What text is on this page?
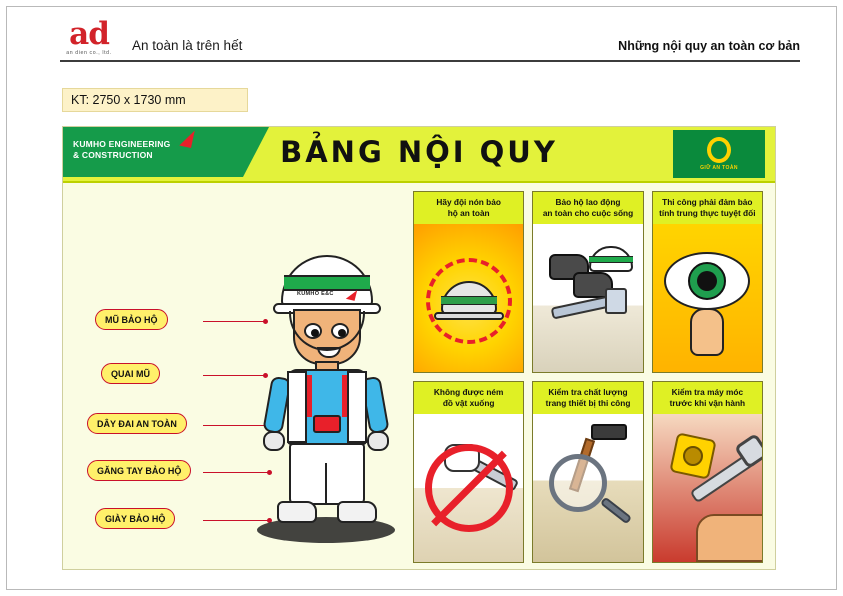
ad
an dien co., ltd.	An toàn là trên hết	Những nội quy an toàn cơ bản
KT: 2750 x 1730 mm
KUMHO ENGINEERING
& CONSTRUCTION	BẢNG NỘI QUY	GIỮ AN TOÀN
MŨ BẢO HỘ
QUAI MŨ
DÂY ĐAI AN TOÀN
GĂNG TAY BẢO HỘ
GIÀY BẢO HỘ
KUMHO E&C
Hãy đội nón bảo
hộ an toàn
Bảo hộ lao động
an toàn cho cuộc sống
Thi công phải đảm bảo
tính trung thực tuyệt đối
Không được ném
đồ vật xuống
Kiểm tra chất lượng
trang thiết bị thi công
Kiểm tra máy móc
trước khi vận hành
